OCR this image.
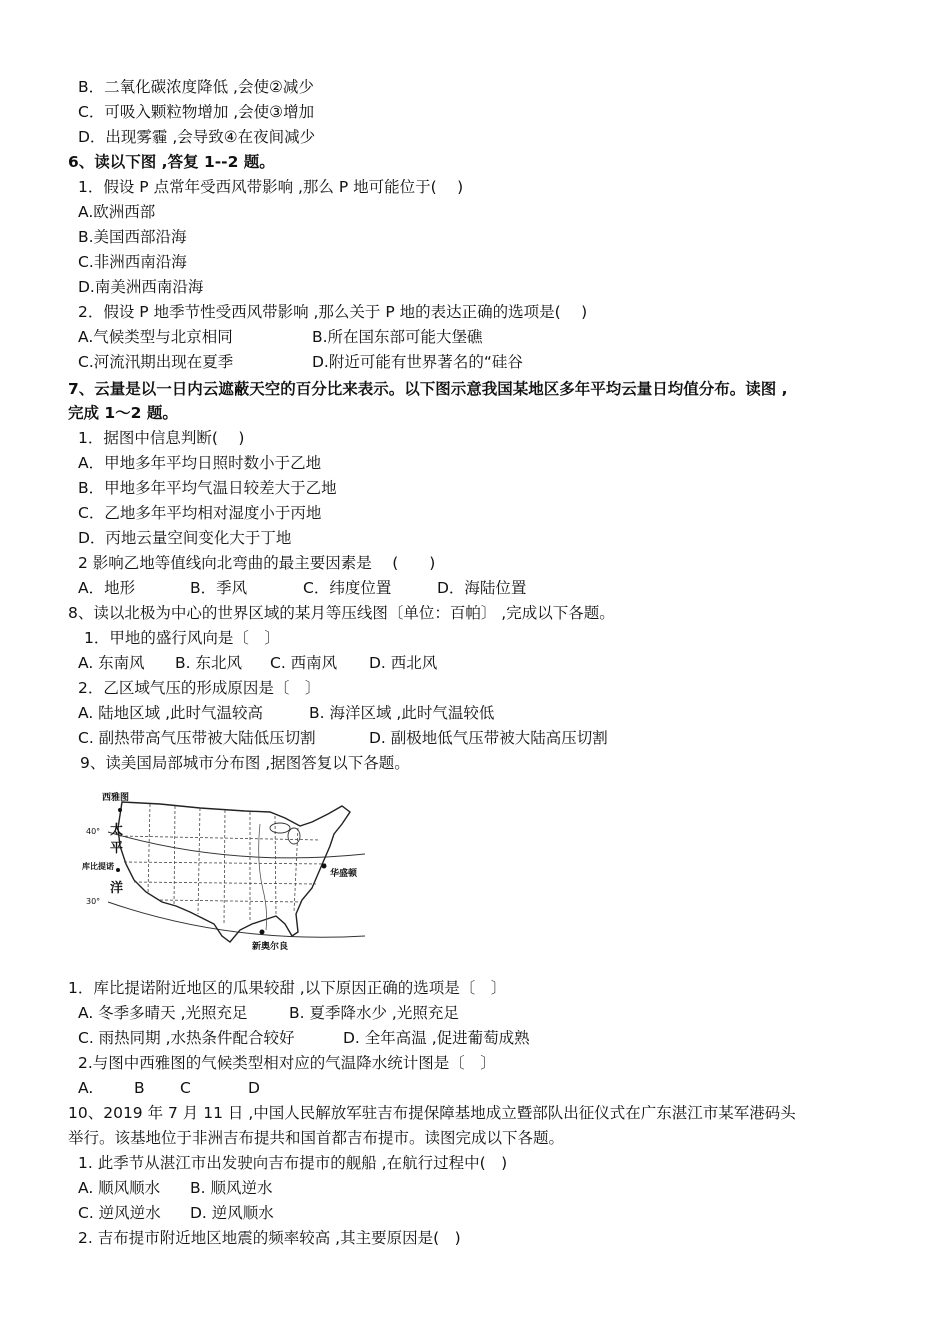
B．二氧化碳浓度降低 ,会使②减少
C．可吸入颗粒物增加 ,会使③增加
D．出现雾霾 ,会导致④在夜间减少
6、读以下图 ,答复 1--2 题。
1．假设 P 点常年受西风带影响 ,那么 P 地可能位于(　 )
A.欧洲西部
B.美国西部沿海
C.非洲西南沿海
D.南美洲西南沿海
2．假设 P 地季节性受西风带影响 ,那么关于 P 地的表达正确的选项是(　 )
A.气候类型与北京相同	B.所在国东部可能大堡礁
C.河流汛期出现在夏季	D.附近可能有世界著名的“硅谷
7、云量是以一日内云遮蔽天空的百分比来表示。以下图示意我国某地区多年平均云量日均值分布。读图 ,
完成 1～2 题。
1．据图中信息判断(　 )
A．甲地多年平均日照时数小于乙地
B．甲地多年平均气温日较差大于乙地
C．乙地多年平均相对湿度小于丙地
D．丙地云量空间变化大于丁地
2 影响乙地等值线向北弯曲的最主要因素是　 (　　)
A．地形	B．季风	C．纬度位置	D．海陆位置
8、读以北极为中心的世界区域的某月等压线图〔单位：百帕〕 ,完成以下各题。
1．甲地的盛行风向是〔　〕
A. 东南风 B. 东北风 C. 西南风 D. 西北风
2．乙区域气压的形成原因是〔　〕
A. 陆地区域 ,此时气温较高	B. 海洋区域 ,此时气温较低
C. 副热带高气压带被大陆低压切割	D. 副极地低气压带被大陆高压切割
9、读美国局部城市分布图 ,据图答复以下各题。
西雅图
40° 太
平
库比提诺
洋
30°
华盛顿
新奥尔良
1．库比提诺附近地区的瓜果较甜 ,以下原因正确的选项是〔　〕
A. 冬季多晴天 ,光照充足	B. 夏季降水少 ,光照充足
C. 雨热同期 ,水热条件配合较好	D. 全年高温 ,促进葡萄成熟
2.与图中西雅图的气候类型相对应的气温降水统计图是〔　〕
A.	B C	D
10、2019 年 7 月 11 日 ,中国人民解放军驻吉布提保障基地成立暨部队出征仪式在广东湛江市某军港码头
举行。该基地位于非洲吉布提共和国首都吉布提市。读图完成以下各题。
1. 此季节从湛江市出发驶向吉布提市的舰船 ,在航行过程中(　)
A. 顺风顺水 B. 顺风逆水
C. 逆风逆水 D. 逆风顺水
2. 吉布提市附近地区地震的频率较高 ,其主要原因是(　)
